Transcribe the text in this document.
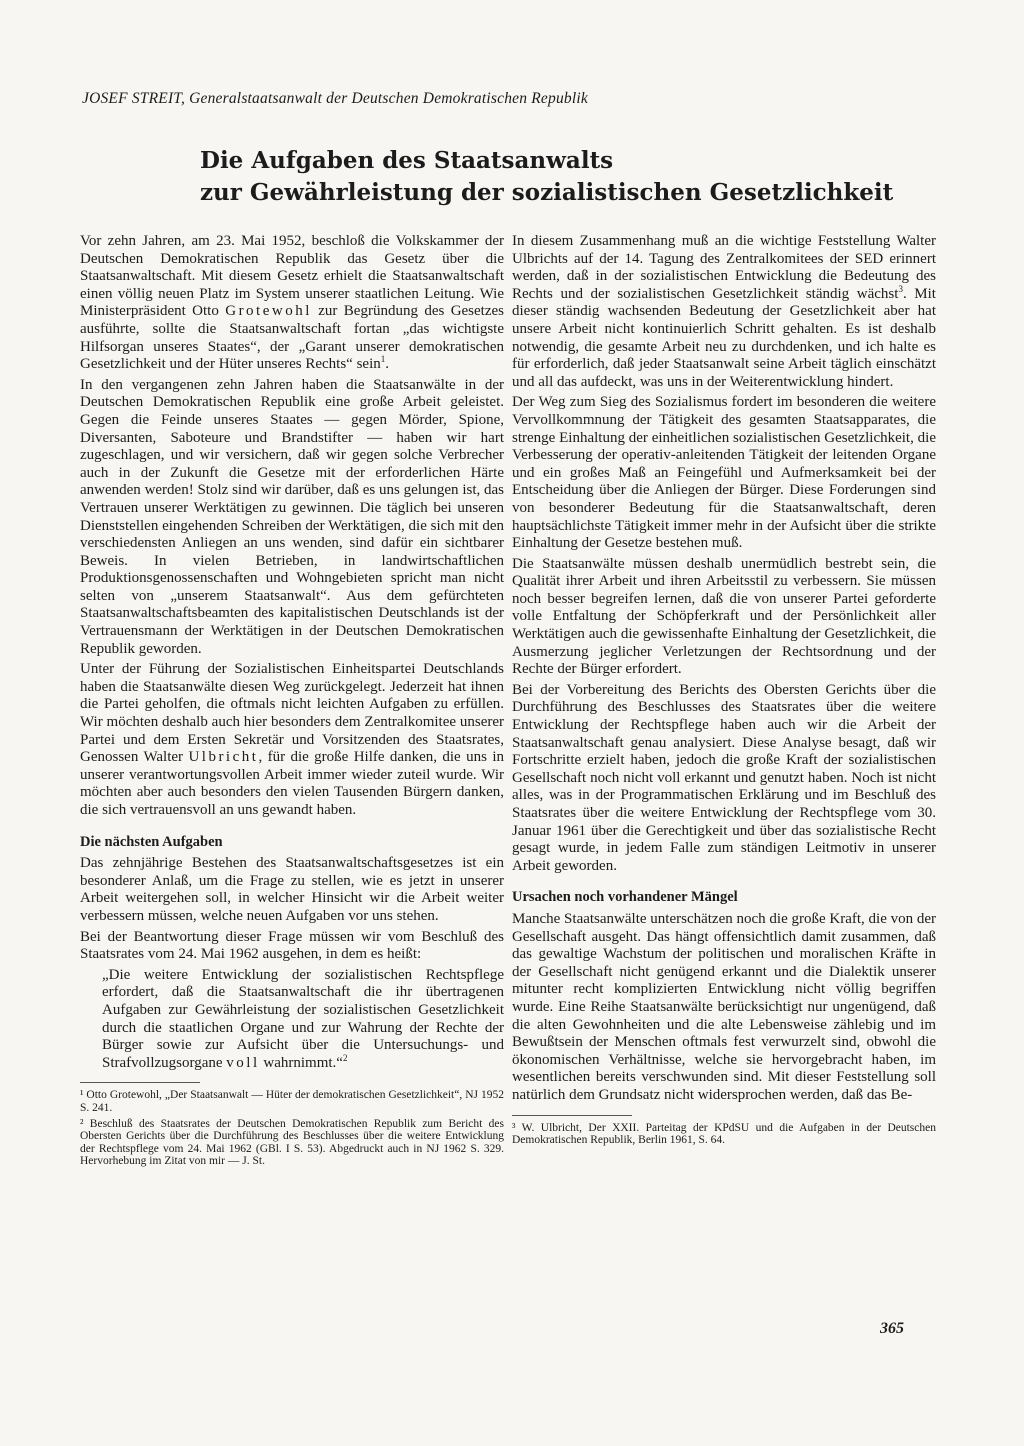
JOSEF STREIT, Generalstaatsanwalt der Deutschen Demokratischen Republik
Die Aufgaben des Staatsanwalts
zur Gewährleistung der sozialistischen Gesetzlichkeit

Vor zehn Jahren, am 23. Mai 1952, beschloß die Volkskammer der Deutschen Demokratischen Republik das Gesetz über die Staatsanwaltschaft. Mit diesem Gesetz erhielt die Staatsanwaltschaft einen völlig neuen Platz im System unserer staatlichen Leitung. Wie Ministerpräsident Otto Grotewohl zur Begründung des Gesetzes ausführte, sollte die Staatsanwaltschaft fortan „das wichtigste Hilfsorgan unseres Staates“, der „Garant unserer demokratischen Gesetzlichkeit und der Hüter unseres Rechts“ sein$^1$.

In den vergangenen zehn Jahren haben die Staatsanwälte in der Deutschen Demokratischen Republik eine große Arbeit geleistet. Gegen die Feinde unseres Staates — gegen Mörder, Spione, Diversanten, Saboteure und Brandstifter — haben wir hart zugeschlagen, und wir versichern, daß wir gegen solche Verbrecher auch in der Zukunft die Gesetze mit der erforderlichen Härte anwenden werden! Stolz sind wir darüber, daß es uns gelungen ist, das Vertrauen unserer Werktätigen zu gewinnen. Die täglich bei unseren Dienststellen eingehenden Schreiben der Werktätigen, die sich mit den verschiedensten Anliegen an uns wenden, sind dafür ein sichtbarer Beweis. In vielen Betrieben, in landwirtschaftlichen Produktionsgenossenschaften und Wohngebieten spricht man nicht selten von „unserem Staatsanwalt“. Aus dem gefürchteten Staatsanwaltschaftsbeamten des kapitalistischen Deutschlands ist der Vertrauensmann der Werktätigen in der Deutschen Demokratischen Republik geworden.

Unter der Führung der Sozialistischen Einheitspartei Deutschlands haben die Staatsanwälte diesen Weg zurückgelegt. Jederzeit hat ihnen die Partei geholfen, die oftmals nicht leichten Aufgaben zu erfüllen. Wir möchten deshalb auch hier besonders dem Zentralkomitee unserer Partei und dem Ersten Sekretär und Vorsitzenden des Staatsrates, Genossen Walter Ulbricht, für die große Hilfe danken, die uns in unserer verantwortungsvollen Arbeit immer wieder zuteil wurde. Wir möchten aber auch besonders den vielen Tausenden Bürgern danken, die sich vertrauensvoll an uns gewandt haben.

Die nächsten Aufgaben

Das zehnjährige Bestehen des Staatsanwaltschaftsgesetzes ist ein besonderer Anlaß, um die Frage zu stellen, wie es jetzt in unserer Arbeit weitergehen soll, in welcher Hinsicht wir die Arbeit weiter verbessern müssen, welche neuen Aufgaben vor uns stehen.

Bei der Beantwortung dieser Frage müssen wir vom Beschluß des Staatsrates vom 24. Mai 1962 ausgehen, in dem es heißt:

„Die weitere Entwicklung der sozialistischen Rechtspflege erfordert, daß die Staatsanwaltschaft die ihr übertragenen Aufgaben zur Gewährleistung der sozialistischen Gesetzlichkeit durch die staatlichen Organe und zur Wahrung der Rechte der Bürger sowie zur Aufsicht über die Untersuchungs- und Strafvollzugsorgane voll wahrnimmt.“$^2$

¹ Otto Grotewohl, „Der Staatsanwalt — Hüter der demokratischen Gesetzlichkeit“, NJ 1952 S. 241.

² Beschluß des Staatsrates der Deutschen Demokratischen Republik zum Bericht des Obersten Gerichts über die Durchführung des Beschlusses über die weitere Entwicklung der Rechtspflege vom 24. Mai 1962 (GBl. I S. 53). Abgedruckt auch in NJ 1962 S. 329. Hervorhebung im Zitat von mir — J. St.

In diesem Zusammenhang muß an die wichtige Feststellung Walter Ulbrichts auf der 14. Tagung des Zentralkomitees der SED erinnert werden, daß in der sozialistischen Entwicklung die Bedeutung des Rechts und der sozialistischen Gesetzlichkeit ständig wächst$^3$. Mit dieser ständig wachsenden Bedeutung der Gesetzlichkeit aber hat unsere Arbeit nicht kontinuierlich Schritt gehalten. Es ist deshalb notwendig, die gesamte Arbeit neu zu durchdenken, und ich halte es für erforderlich, daß jeder Staatsanwalt seine Arbeit täglich einschätzt und all das aufdeckt, was uns in der Weiterentwicklung hindert.

Der Weg zum Sieg des Sozialismus fordert im besonderen die weitere Vervollkommnung der Tätigkeit des gesamten Staatsapparates, die strenge Einhaltung der einheitlichen sozialistischen Gesetzlichkeit, die Verbesserung der operativ-anleitenden Tätigkeit der leitenden Organe und ein großes Maß an Feingefühl und Aufmerksamkeit bei der Entscheidung über die Anliegen der Bürger. Diese Forderungen sind von besonderer Bedeutung für die Staatsanwaltschaft, deren hauptsächlichste Tätigkeit immer mehr in der Aufsicht über die strikte Einhaltung der Gesetze bestehen muß.

Die Staatsanwälte müssen deshalb unermüdlich bestrebt sein, die Qualität ihrer Arbeit und ihren Arbeitsstil zu verbessern. Sie müssen noch besser begreifen lernen, daß die von unserer Partei geforderte volle Entfaltung der Schöpferkraft und der Persönlichkeit aller Werktätigen auch die gewissenhafte Einhaltung der Gesetzlichkeit, die Ausmerzung jeglicher Verletzungen der Rechtsordnung und der Rechte der Bürger erfordert.

Bei der Vorbereitung des Berichts des Obersten Gerichts über die Durchführung des Beschlusses des Staatsrates über die weitere Entwicklung der Rechtspflege haben auch wir die Arbeit der Staatsanwaltschaft genau analysiert. Diese Analyse besagt, daß wir Fortschritte erzielt haben, jedoch die große Kraft der sozialistischen Gesellschaft noch nicht voll erkannt und genutzt haben. Noch ist nicht alles, was in der Programmatischen Erklärung und im Beschluß des Staatsrates über die weitere Entwicklung der Rechtspflege vom 30. Januar 1961 über die Gerechtigkeit und über das sozialistische Recht gesagt wurde, in jedem Falle zum ständigen Leitmotiv in unserer Arbeit geworden.

Ursachen noch vorhandener Mängel

Manche Staatsanwälte unterschätzen noch die große Kraft, die von der Gesellschaft ausgeht. Das hängt offensichtlich damit zusammen, daß das gewaltige Wachstum der politischen und moralischen Kräfte in der Gesellschaft nicht genügend erkannt und die Dialektik unserer mitunter recht komplizierten Entwicklung nicht völlig begriffen wurde. Eine Reihe Staatsanwälte berücksichtigt nur ungenügend, daß die alten Gewohnheiten und die alte Lebensweise zählebig und im Bewußtsein der Menschen oftmals fest verwurzelt sind, obwohl die ökonomischen Verhältnisse, welche sie hervorgebracht haben, im wesentlichen bereits verschwunden sind. Mit dieser Feststellung soll natürlich dem Grundsatz nicht widersprochen werden, daß das Be-

³ W. Ulbricht, Der XXII. Parteitag der KPdSU und die Aufgaben in der Deutschen Demokratischen Republik, Berlin 1961, S. 64.

365
